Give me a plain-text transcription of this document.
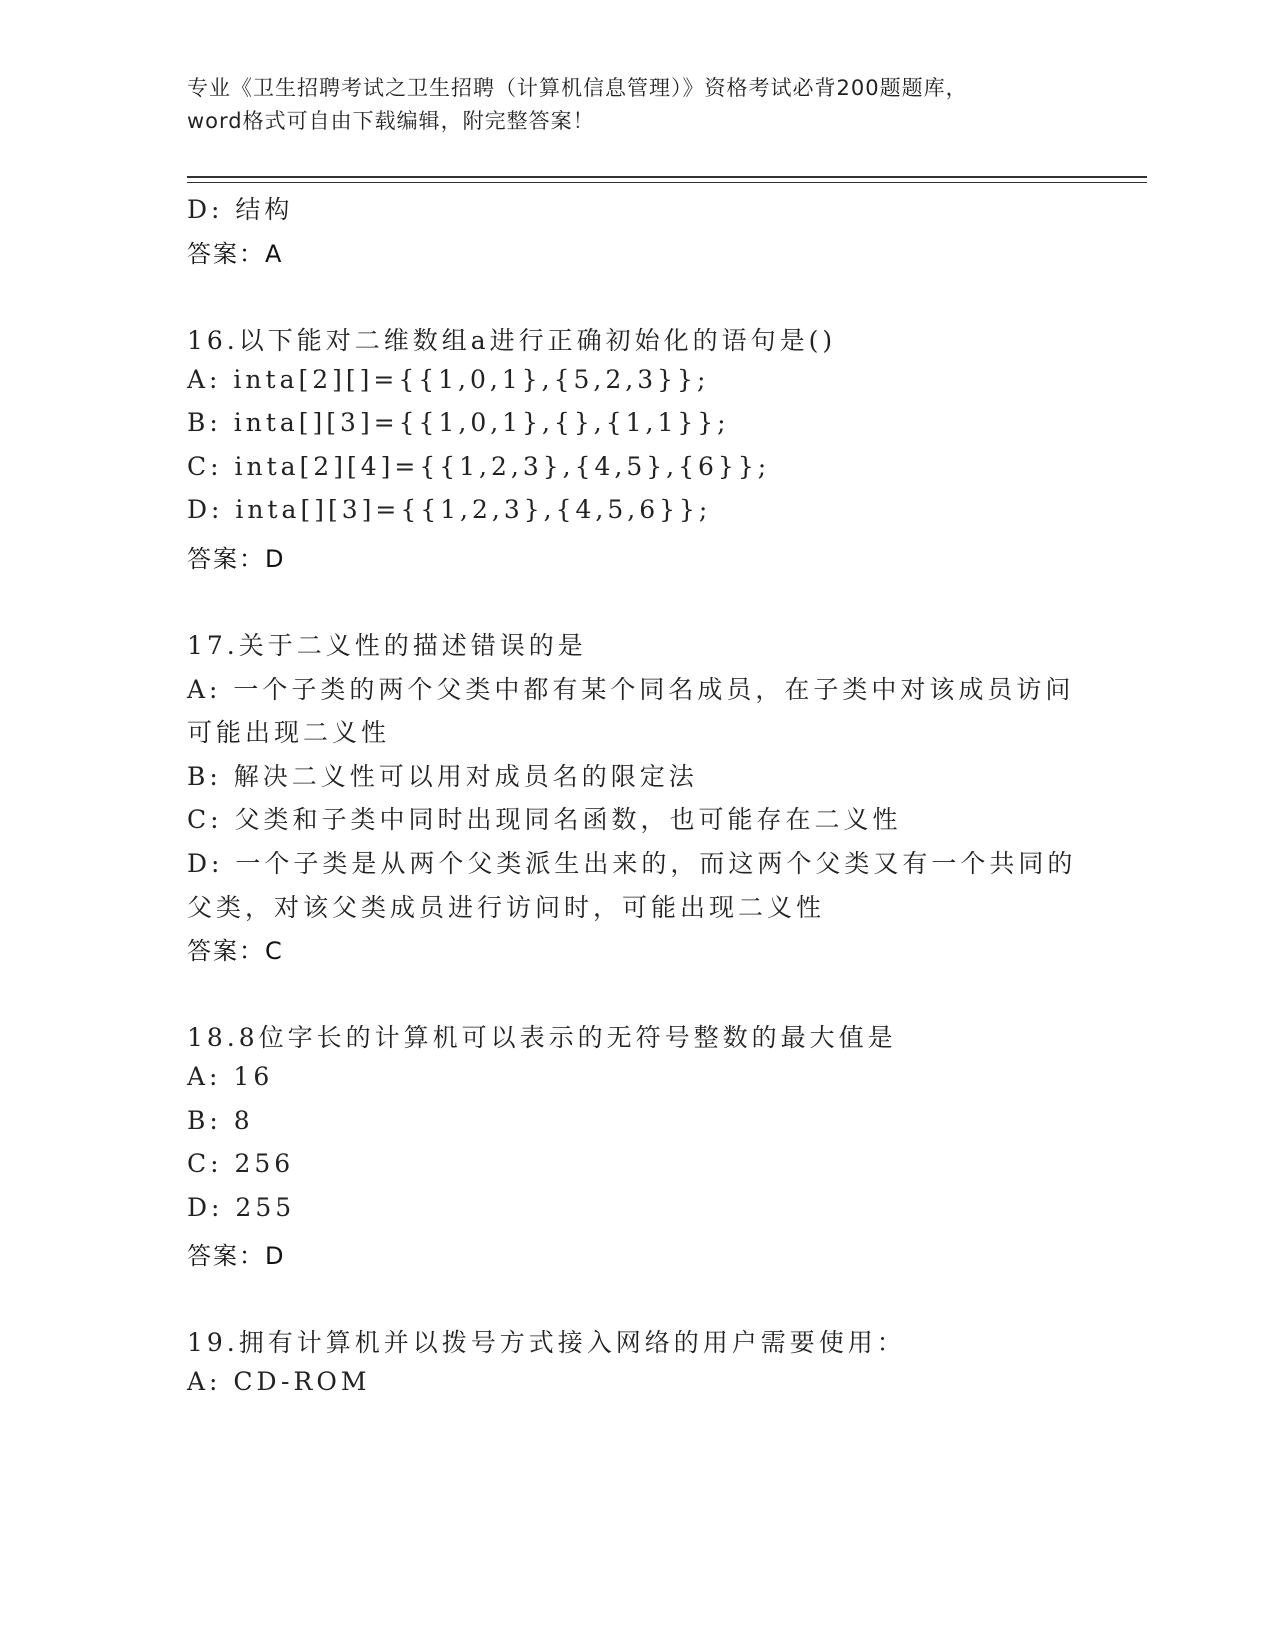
专业《卫生招聘考试之卫生招聘（计算机信息管理）》资格考试必背200题题库，
word格式可自由下载编辑，附完整答案！
D: 结构
答案：A
16.以下能对二维数组a进行正确初始化的语句是()
A: inta[2][]={{1,0,1},{5,2,3}};
B: inta[][3]={{1,0,1},{},{1,1}};
C: inta[2][4]={{1,2,3},{4,5},{6}};
D: inta[][3]={{1,2,3},{4,5,6}};
答案：D
17.关于二义性的描述错误的是
A: 一个子类的两个父类中都有某个同名成员，在子类中对该成员访问
可能出现二义性
B: 解决二义性可以用对成员名的限定法
C: 父类和子类中同时出现同名函数，也可能存在二义性
D: 一个子类是从两个父类派生出来的，而这两个父类又有一个共同的
父类，对该父类成员进行访问时，可能出现二义性
答案：C
18.8位字长的计算机可以表示的无符号整数的最大值是
A: 16
B: 8
C: 256
D: 255
答案：D
19.拥有计算机并以拨号方式接入网络的用户需要使用：
A: CD-ROM
